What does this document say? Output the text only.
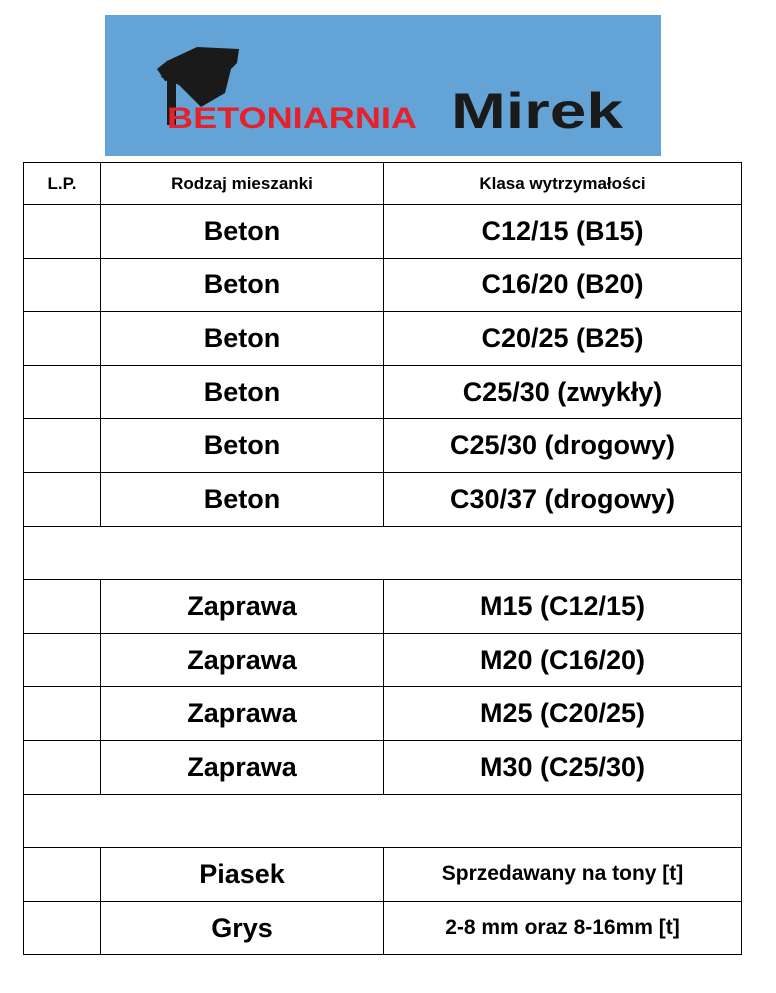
BETONIARNIA Mirek
L.P.	Rodzaj mieszanki	Klasa wytrzymałości
	Beton	C12/15 (B15)
	Beton	C16/20 (B20)
	Beton	C20/25 (B25)
	Beton	C25/30 (zwykły)
	Beton	C25/30 (drogowy)
	Beton	C30/37 (drogowy)

	Zaprawa	M15 (C12/15)
	Zaprawa	M20 (C16/20)
	Zaprawa	M25 (C20/25)
	Zaprawa	M30 (C25/30)

	Piasek	Sprzedawany na tony [t]
	Grys	2-8 mm oraz 8-16mm [t]
